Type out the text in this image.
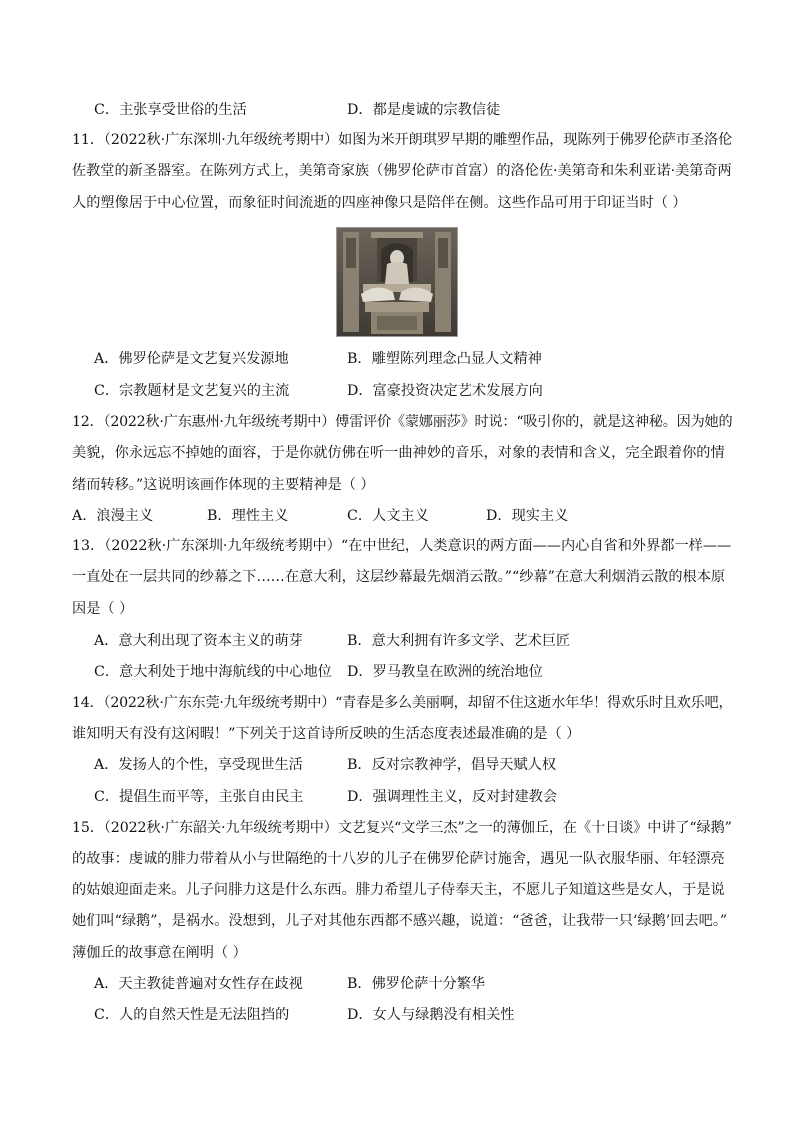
C．主张享受世俗的生活	D．都是虔诚的宗教信徒
11．（2022秋·广东深圳·九年级统考期中）如图为米开朗琪罗早期的雕塑作品，现陈列于佛罗伦萨市圣洛伦
佐教堂的新圣器室。在陈列方式上，美第奇家族（佛罗伦萨市首富）的洛伦佐·美第奇和朱利亚诺·美第奇两
人的塑像居于中心位置，而象征时间流逝的四座神像只是陪伴在侧。这些作品可用于印证当时（ ）
A．佛罗伦萨是文艺复兴发源地	B．雕塑陈列理念凸显人文精神
C．宗教题材是文艺复兴的主流	D．富豪投资决定艺术发展方向
12．（2022秋·广东惠州·九年级统考期中）傅雷评价《蒙娜丽莎》时说：“吸引你的，就是这神秘。因为她的
美貌，你永远忘不掉她的面容，于是你就仿佛在听一曲神妙的音乐，对象的表情和含义，完全跟着你的情
绪而转移。”这说明该画作体现的主要精神是（ ）
A．浪漫主义	B．理性主义	C．人文主义	D．现实主义
13．（2022秋·广东深圳·九年级统考期中）“在中世纪，人类意识的两方面——内心自省和外界都一样——
一直处在一层共同的纱幕之下……在意大利，这层纱幕最先烟消云散。”“纱幕”在意大利烟消云散的根本原
因是（ ）
A．意大利出现了资本主义的萌芽	B．意大利拥有许多文学、艺术巨匠
C．意大利处于地中海航线的中心地位 D．罗马教皇在欧洲的统治地位
14．（2022秋·广东东莞·九年级统考期中）“青春是多么美丽啊，却留不住这逝水年华！得欢乐时且欢乐吧，
谁知明天有没有这闲暇！”下列关于这首诗所反映的生活态度表述最准确的是（ ）
A．发扬人的个性，享受现世生活	B．反对宗教神学，倡导天赋人权
C．提倡生而平等，主张自由民主	D．强调理性主义，反对封建教会
15．（2022秋·广东韶关·九年级统考期中）文艺复兴“文学三杰”之一的薄伽丘，在《十日谈》中讲了“绿鹅”
的故事：虔诚的腓力带着从小与世隔绝的十八岁的儿子在佛罗伦萨讨施舍，遇见一队衣服华丽、年轻漂亮
的姑娘迎面走来。儿子问腓力这是什么东西。腓力希望儿子侍奉天主，不愿儿子知道这些是女人，于是说
她们叫“绿鹅”，是祸水。没想到，儿子对其他东西都不感兴趣，说道：“爸爸，让我带一只‘绿鹅’回去吧。”
薄伽丘的故事意在阐明（ ）
A．天主教徒普遍对女性存在歧视	B．佛罗伦萨十分繁华
C．人的自然天性是无法阻挡的	D．女人与绿鹅没有相关性
